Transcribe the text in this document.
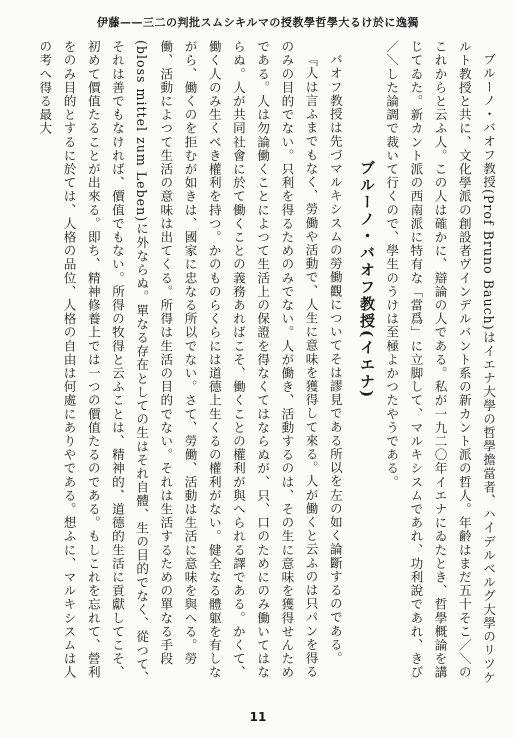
伊藤——三二の判批スムシキルマの授教學哲學大るけ於に逸獨

ブルーノ・バオフ教授(Prof Bruno Bauch)はイエナ大學の哲學擔當者、ハイデルベルグ大學のリツケルト教授と共に、文化學派の創設者ヴインデルバント系の新カント派の哲人。年齢はまだ五十そこ／＼のこれからと云ふ人。この人は確かに、辯論の人である。私が一九二〇年イエナにゐたとき、哲學概論を講じてゐた。新カント派の西南派に特有な「當爲」に立脚して、マルキシスムであれ、功利說であれ、きび／＼した論調で裁いて行くので、學生のうけは至極よかつたやうである。

ブルーノ・バオフ教授(イエナ)

バオフ教授は先づマルキシスムの勞働觀についてそは謬見である所以を左の如く論斷するのである。

『人は言ふまでもなく、勞働や活動で、人生に意味を獲得して來る。人が働くと云ふのは只パンを得るのみの目的でない。只利を得るためのみでない。人が働き、活動するのは、その生に意味を獲得せんためである。人は勿論働くことによつて生活上の保證を得なくてはならぬが、只、口のためにのみ働いてはならぬ。人が共同社會に於て働くことの義務あればこそ、働くことの權利が與へられる譯である。かくて、働く人のみ生くべき權利を持つ。かのものらくらには道德上生くるの權利がない。健全なる體躯を有しながら、働くのを拒むが如きは、國家に忠なる所以でない。さて、勞働、活動は生活に意味を與へる。勞働、活動によつて生活の意味は出てくる。所得は生活の目的でない。それは生活するための單なる手段(bloss mittel zum Leben)に外ならぬ。單なる存在としての生はそれ自體、生の目的でなく、從つて、それは善でもなければ、價值でもない。所得の牧得と云ふことは、精神的、道德的生活に貢獻してこそ、初めて價值たることが出來る。即ち、精神修養上では一つの價值たるのである。もしこれを忘れて、營利をのみ目的とするに於ては、人格の品位、人格の自由は何處にありやである。想ふに、マルキシスムは人の考へ得る最大

11
